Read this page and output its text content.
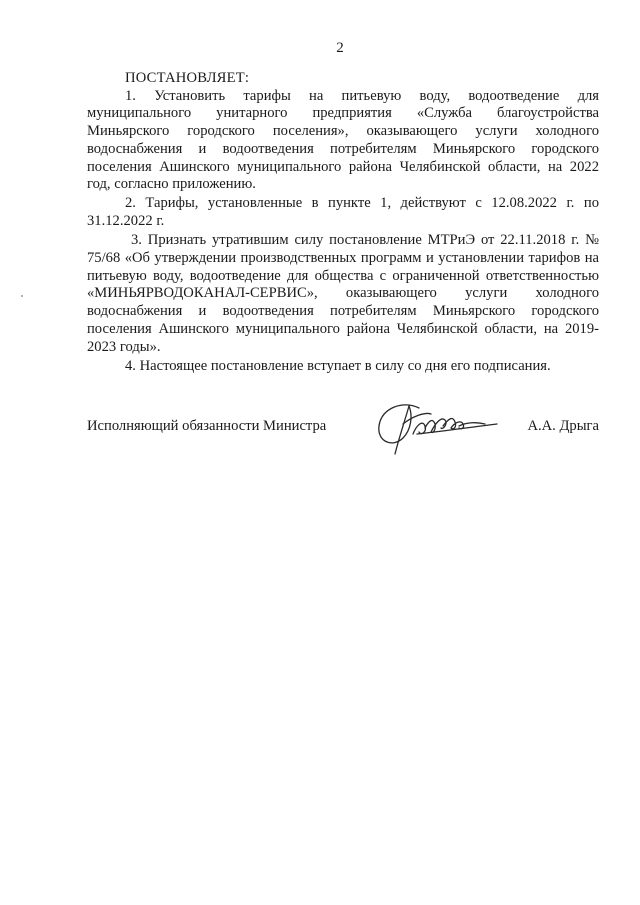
2

ПОСТАНОВЛЯЕТ:

1. Установить тарифы на питьевую воду, водоотведение для муниципального унитарного предприятия «Служба благоустройства Миньярского городского поселения», оказывающего услуги холодного водоснабжения и водоотведения потребителям Миньярского городского поселения Ашинского муниципального района Челябинской области, на 2022 год, согласно приложению.

2. Тарифы, установленные в пункте 1, действуют с 12.08.2022 г. по 31.12.2022 г.

3. Признать утратившим силу постановление МТРиЭ от 22.11.2018 г. № 75/68 «Об утверждении производственных программ и установлении тарифов на питьевую воду, водоотведение для общества с ограниченной ответственностью «МИНЬЯРВОДОКАНАЛ-СЕРВИС», оказывающего услуги холодного водоснабжения и водоотведения потребителям Миньярского городского поселения Ашинского муниципального района Челябинской области, на 2019-2023 годы».

4. Настоящее постановление вступает в силу со дня его подписания.

Исполняющий обязанности Министра	А.А. Дрыга
